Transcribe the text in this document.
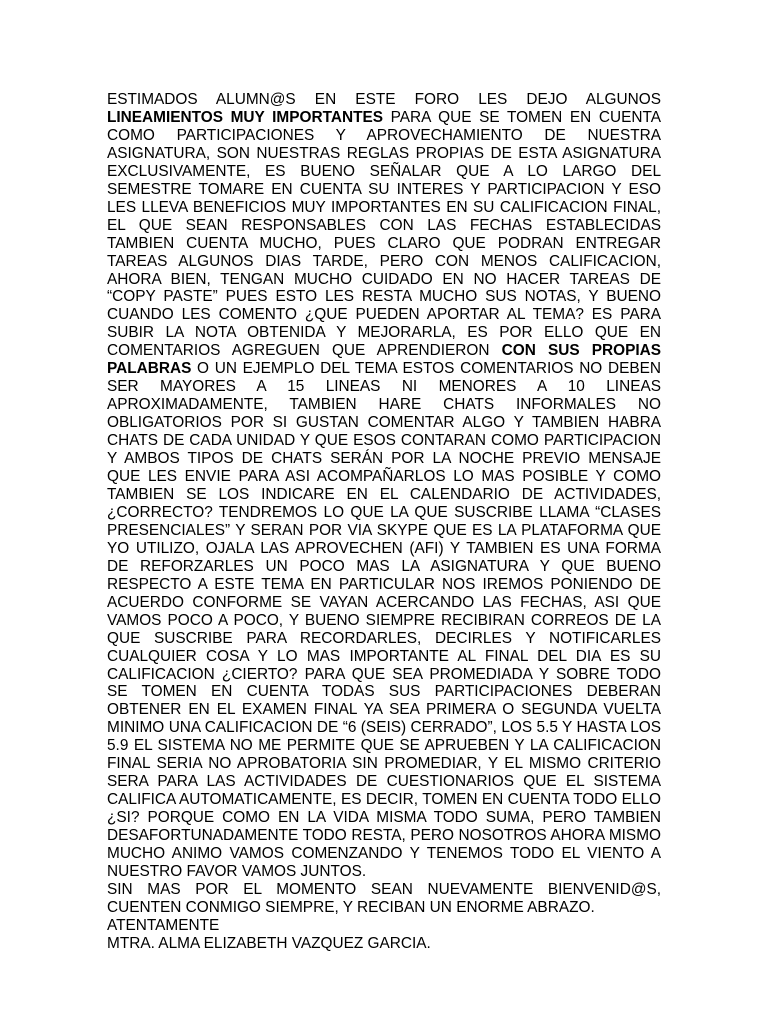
ESTIMADOS ALUMN@S EN ESTE FORO LES DEJO ALGUNOS LINEAMIENTOS MUY IMPORTANTES PARA QUE SE TOMEN EN CUENTA COMO PARTICIPACIONES Y APROVECHAMIENTO DE NUESTRA ASIGNATURA, SON NUESTRAS REGLAS PROPIAS DE ESTA ASIGNATURA EXCLUSIVAMENTE, ES BUENO SEÑALAR QUE A LO LARGO DEL SEMESTRE TOMARE EN CUENTA SU INTERES Y PARTICIPACION Y ESO LES LLEVA BENEFICIOS MUY IMPORTANTES EN SU CALIFICACION FINAL, EL QUE SEAN RESPONSABLES CON LAS FECHAS ESTABLECIDAS TAMBIEN CUENTA MUCHO, PUES CLARO QUE PODRAN ENTREGAR TAREAS ALGUNOS DIAS TARDE, PERO CON MENOS CALIFICACION, AHORA BIEN, TENGAN MUCHO CUIDADO EN NO HACER TAREAS DE “COPY PASTE” PUES ESTO LES RESTA MUCHO SUS NOTAS, Y BUENO CUANDO LES COMENTO ¿QUE PUEDEN APORTAR AL TEMA? ES PARA SUBIR LA NOTA OBTENIDA Y MEJORARLA, ES POR ELLO QUE EN COMENTARIOS AGREGUEN QUE APRENDIERON CON SUS PROPIAS PALABRAS O UN EJEMPLO DEL TEMA ESTOS COMENTARIOS NO DEBEN SER MAYORES A 15 LINEAS NI MENORES A 10 LINEAS APROXIMADAMENTE, TAMBIEN HARE CHATS INFORMALES NO OBLIGATORIOS POR SI GUSTAN COMENTAR ALGO Y TAMBIEN HABRA CHATS DE CADA UNIDAD Y QUE ESOS CONTARAN COMO PARTICIPACION Y AMBOS TIPOS DE CHATS SERÁN POR LA NOCHE PREVIO MENSAJE QUE LES ENVIE PARA ASI ACOMPAÑARLOS LO MAS POSIBLE Y COMO TAMBIEN SE LOS INDICARE EN EL CALENDARIO DE ACTIVIDADES, ¿CORRECTO? TENDREMOS LO QUE LA QUE SUSCRIBE LLAMA “CLASES PRESENCIALES” Y SERAN POR VIA SKYPE QUE ES LA PLATAFORMA QUE YO UTILIZO, OJALA LAS APROVECHEN (AFI) Y TAMBIEN ES UNA FORMA DE REFORZARLES UN POCO MAS LA ASIGNATURA Y QUE BUENO RESPECTO A ESTE TEMA EN PARTICULAR NOS IREMOS PONIENDO DE ACUERDO CONFORME SE VAYAN ACERCANDO LAS FECHAS, ASI QUE VAMOS POCO A POCO, Y BUENO SIEMPRE RECIBIRAN CORREOS DE LA QUE SUSCRIBE PARA RECORDARLES, DECIRLES Y NOTIFICARLES CUALQUIER COSA Y LO MAS IMPORTANTE AL FINAL DEL DIA ES SU CALIFICACION ¿CIERTO? PARA QUE SEA PROMEDIADA Y SOBRE TODO SE TOMEN EN CUENTA TODAS SUS PARTICIPACIONES DEBERAN OBTENER EN EL EXAMEN FINAL YA SEA PRIMERA O SEGUNDA VUELTA MINIMO UNA CALIFICACION DE “6 (SEIS) CERRADO”, LOS 5.5 Y HASTA LOS 5.9 EL SISTEMA NO ME PERMITE QUE SE APRUEBEN Y LA CALIFICACION FINAL SERIA NO APROBATORIA SIN PROMEDIAR, Y EL MISMO CRITERIO SERA PARA LAS ACTIVIDADES DE CUESTIONARIOS QUE EL SISTEMA CALIFICA AUTOMATICAMENTE, ES DECIR, TOMEN EN CUENTA TODO ELLO ¿SI? PORQUE COMO EN LA VIDA MISMA TODO SUMA, PERO TAMBIEN DESAFORTUNADAMENTE TODO RESTA, PERO NOSOTROS AHORA MISMO MUCHO ANIMO VAMOS COMENZANDO Y TENEMOS TODO EL VIENTO A NUESTRO FAVOR VAMOS JUNTOS.

SIN MAS POR EL MOMENTO SEAN NUEVAMENTE BIENVENID@S, CUENTEN CONMIGO SIEMPRE, Y RECIBAN UN ENORME ABRAZO.

ATENTAMENTE

MTRA. ALMA ELIZABETH VAZQUEZ GARCIA.
